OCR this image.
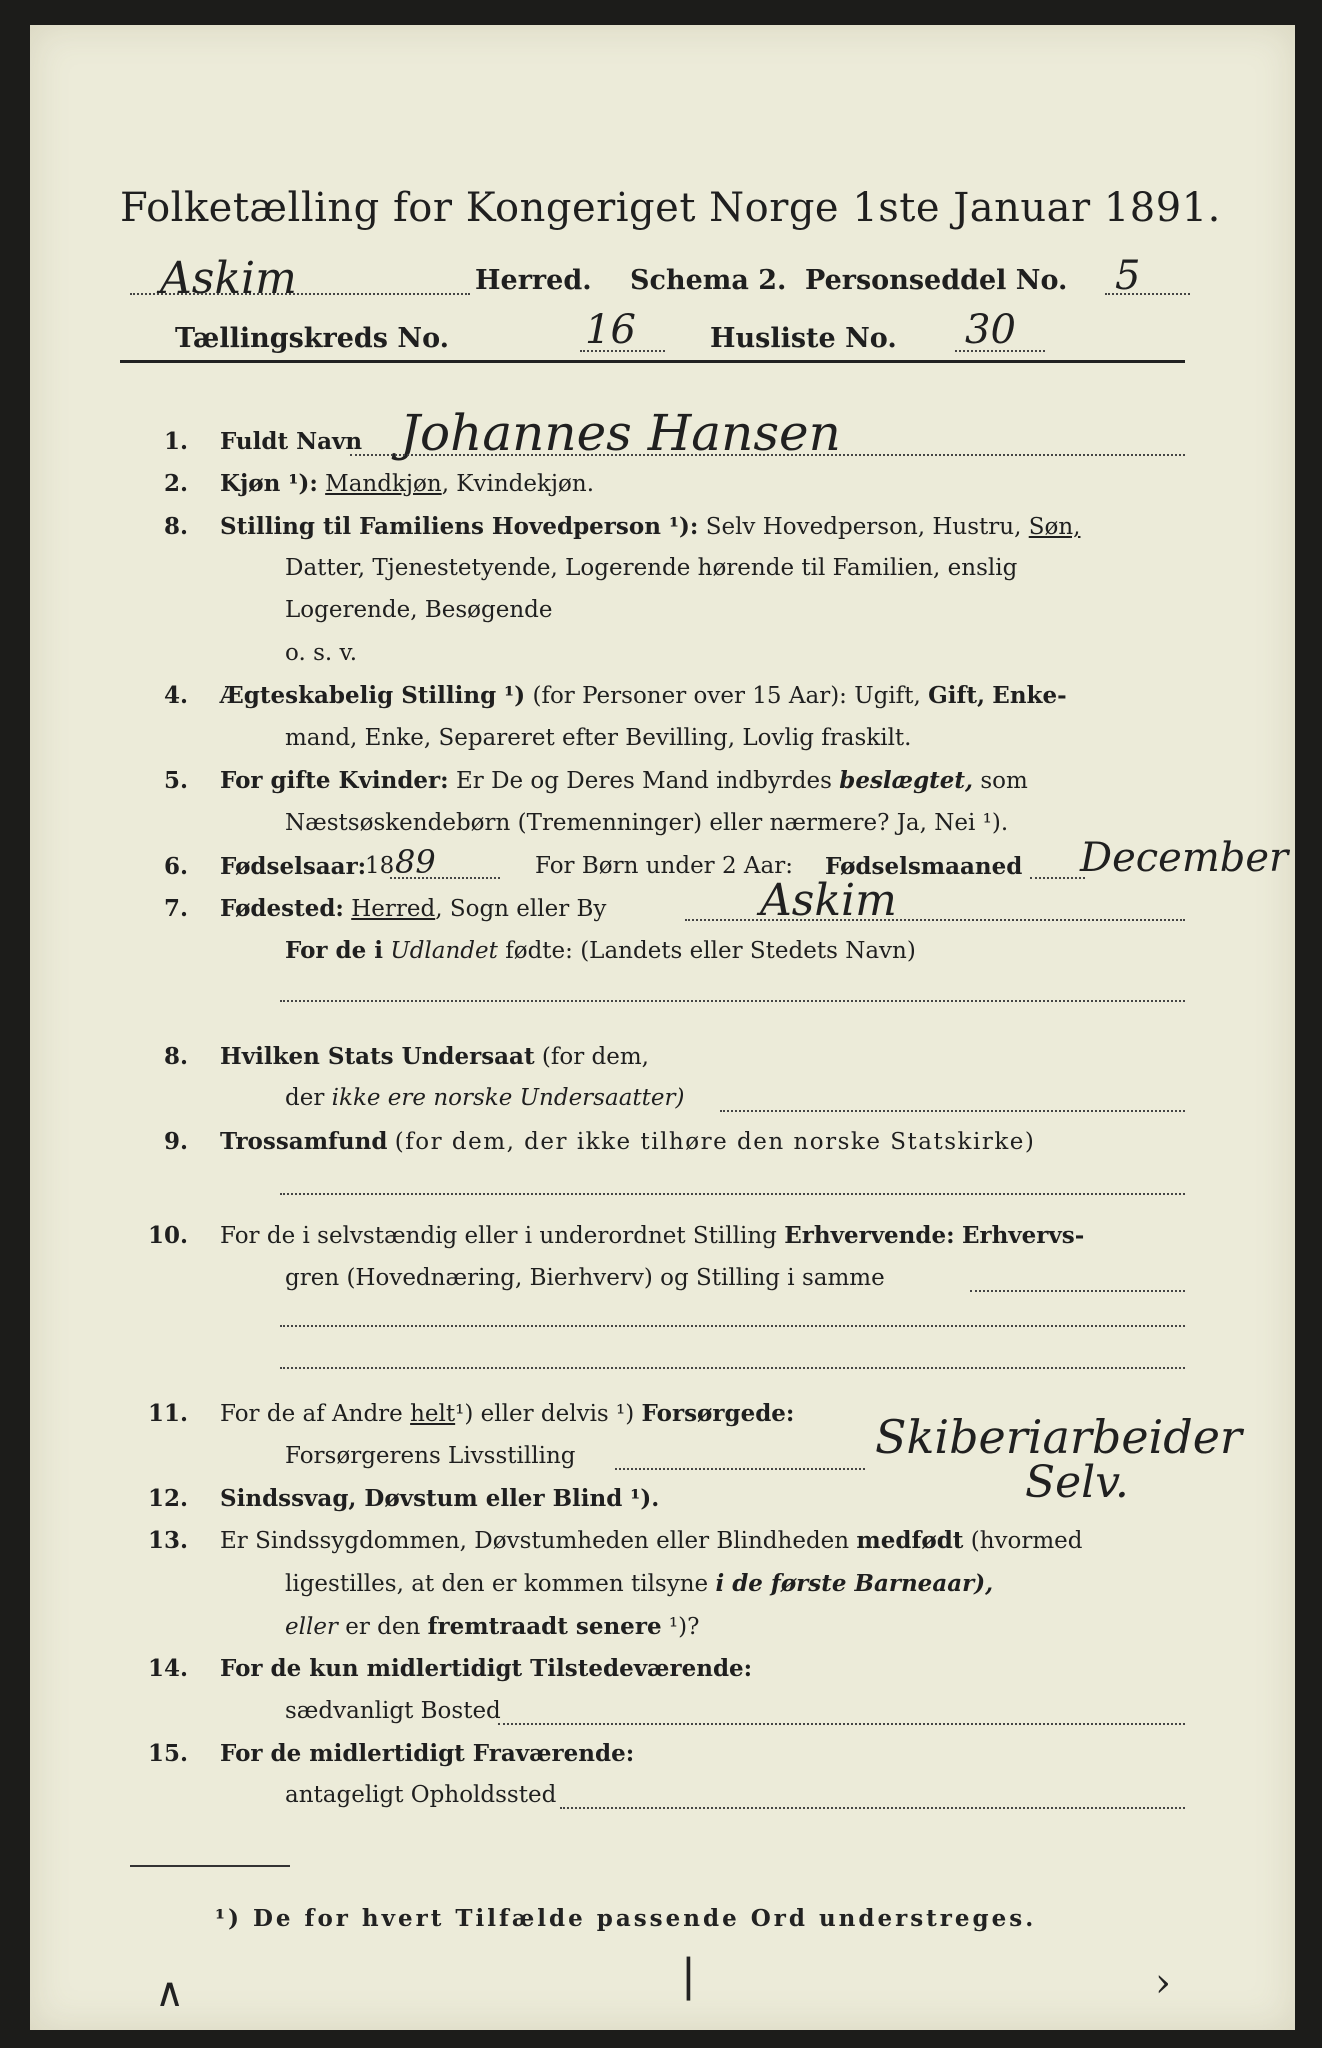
Folketælling for Kongeriget Norge 1ste Januar 1891.
Askim	Herred. Schema 2. Personseddel No. 5
Tællingskreds No.	16	Husliste No. 30
1. Fuldt Navn Johannes Hansen
2. Kjøn ¹): Mandkjøn, Kvindekjøn.
8. Stilling til Familiens Hovedperson ¹): Selv Hovedperson, Hustru, Søn,
Datter, Tjenestetyende, Logerende hørende til Familien, enslig
Logerende, Besøgende
o. s. v.
4. Ægteskabelig Stilling ¹) (for Personer over 15 Aar): Ugift, Gift, Enke-
mand, Enke, Separeret efter Bevilling, Lovlig fraskilt.
5. For gifte Kvinder: Er De og Deres Mand indbyrdes beslægtet, som
Næstsøskendebørn (Tremenninger) eller nærmere? Ja, Nei ¹).
6. Fødselsaar:
18 89	For Børn under 2 Aar: Fødselsmaaned December
7. Fødested: Herred, Sogn eller By	Askim
For de i Udlandet fødte: (Landets eller Stedets Navn)
8. Hvilken Stats Undersaat (for dem,
der ikke ere norske Undersaatter)
9. Trossamfund (for dem, der ikke tilhøre den norske Statskirke)
10. For de i selvstændig eller i underordnet Stilling Erhvervende: Erhvervs-
gren (Hovednæring, Bierhverv) og Stilling i samme
11. For de af Andre helt¹) eller delvis ¹) Forsørgede:
Forsørgerens Livsstilling	Skiberiarbeider
12. Sindssvag, Døvstum eller Blind ¹).	Selv.
13. Er Sindssygdommen, Døvstumheden eller Blindheden medfødt (hvormed
ligestilles, at den er kommen tilsyne i de første Barneaar),
eller er den fremtraadt senere ¹)?
14. For de kun midlertidigt Tilstedeværende:
sædvanligt Bosted
15. For de midlertidigt Fraværende:
antageligt Opholdssted
¹) De for hvert Tilfælde passende Ord understreges.
∧	❘	›
